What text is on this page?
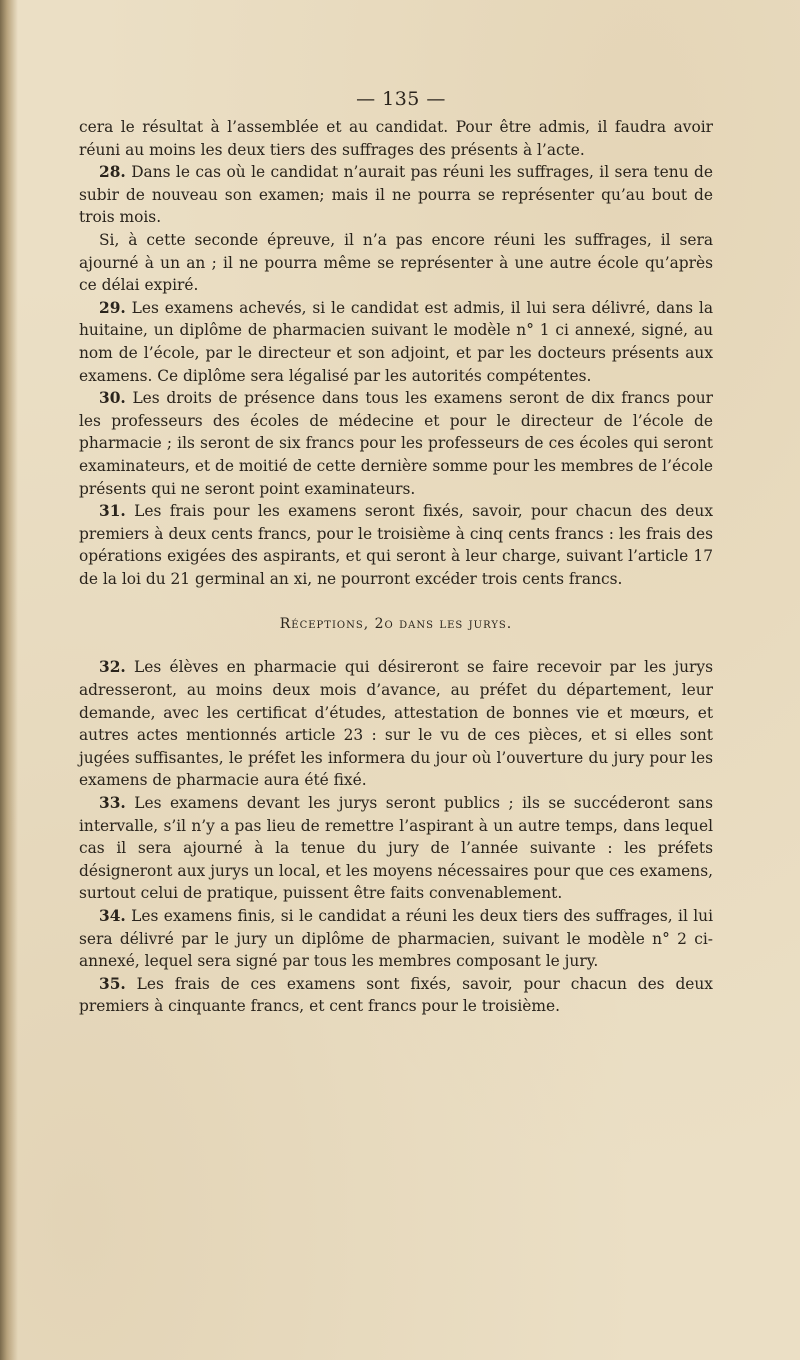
— 135 —

cera le résultat à l’assemblée et au candidat. Pour être admis, il faudra avoir réuni au moins les deux tiers des suffrages des présents à l’acte.

28. Dans le cas où le candidat n’aurait pas réuni les suffrages, il sera tenu de subir de nouveau son examen; mais il ne pourra se représenter qu’au bout de trois mois.

Si, à cette seconde épreuve, il n’a pas encore réuni les suffrages, il sera ajourné à un an ; il ne pourra même se représenter à une autre école qu’après ce délai expiré.

29. Les examens achevés, si le candidat est admis, il lui sera délivré, dans la huitaine, un diplôme de pharmacien suivant le modèle n° 1 ci annexé, signé, au nom de l’école, par le directeur et son adjoint, et par les docteurs présents aux examens. Ce diplôme sera légalisé par les autorités compétentes.

30. Les droits de présence dans tous les examens seront de dix francs pour les professeurs des écoles de médecine et pour le directeur de l’école de pharmacie ; ils seront de six francs pour les professeurs de ces écoles qui seront examinateurs, et de moitié de cette dernière somme pour les membres de l’école présents qui ne seront point examinateurs.

31. Les frais pour les examens seront fixés, savoir, pour chacun des deux premiers à deux cents francs, pour le troisième à cinq cents francs : les frais des opérations exigées des aspirants, et qui seront à leur charge, suivant l’article 17 de la loi du 21 germinal an xi, ne pourront excéder trois cents francs.

Réceptions, 2o dans les jurys.

32. Les élèves en pharmacie qui désireront se faire recevoir par les jurys adresseront, au moins deux mois d’avance, au préfet du département, leur demande, avec les certificat d’études, attestation de bonnes vie et mœurs, et autres actes mentionnés article 23 : sur le vu de ces pièces, et si elles sont jugées suffisantes, le préfet les informera du jour où l’ouverture du jury pour les examens de pharmacie aura été fixé.

33. Les examens devant les jurys seront publics ; ils se succéderont sans intervalle, s’il n’y a pas lieu de remettre l’aspirant à un autre temps, dans lequel cas il sera ajourné à la tenue du jury de l’année suivante : les préfets désigneront aux jurys un local, et les moyens nécessaires pour que ces examens, surtout celui de pratique, puissent être faits convenablement.

34. Les examens finis, si le candidat a réuni les deux tiers des suffrages, il lui sera délivré par le jury un diplôme de pharmacien, suivant le modèle n° 2 ci-annexé, lequel sera signé par tous les membres composant le jury.

35. Les frais de ces examens sont fixés, savoir, pour chacun des deux premiers à cinquante francs, et cent francs pour le troisième.
